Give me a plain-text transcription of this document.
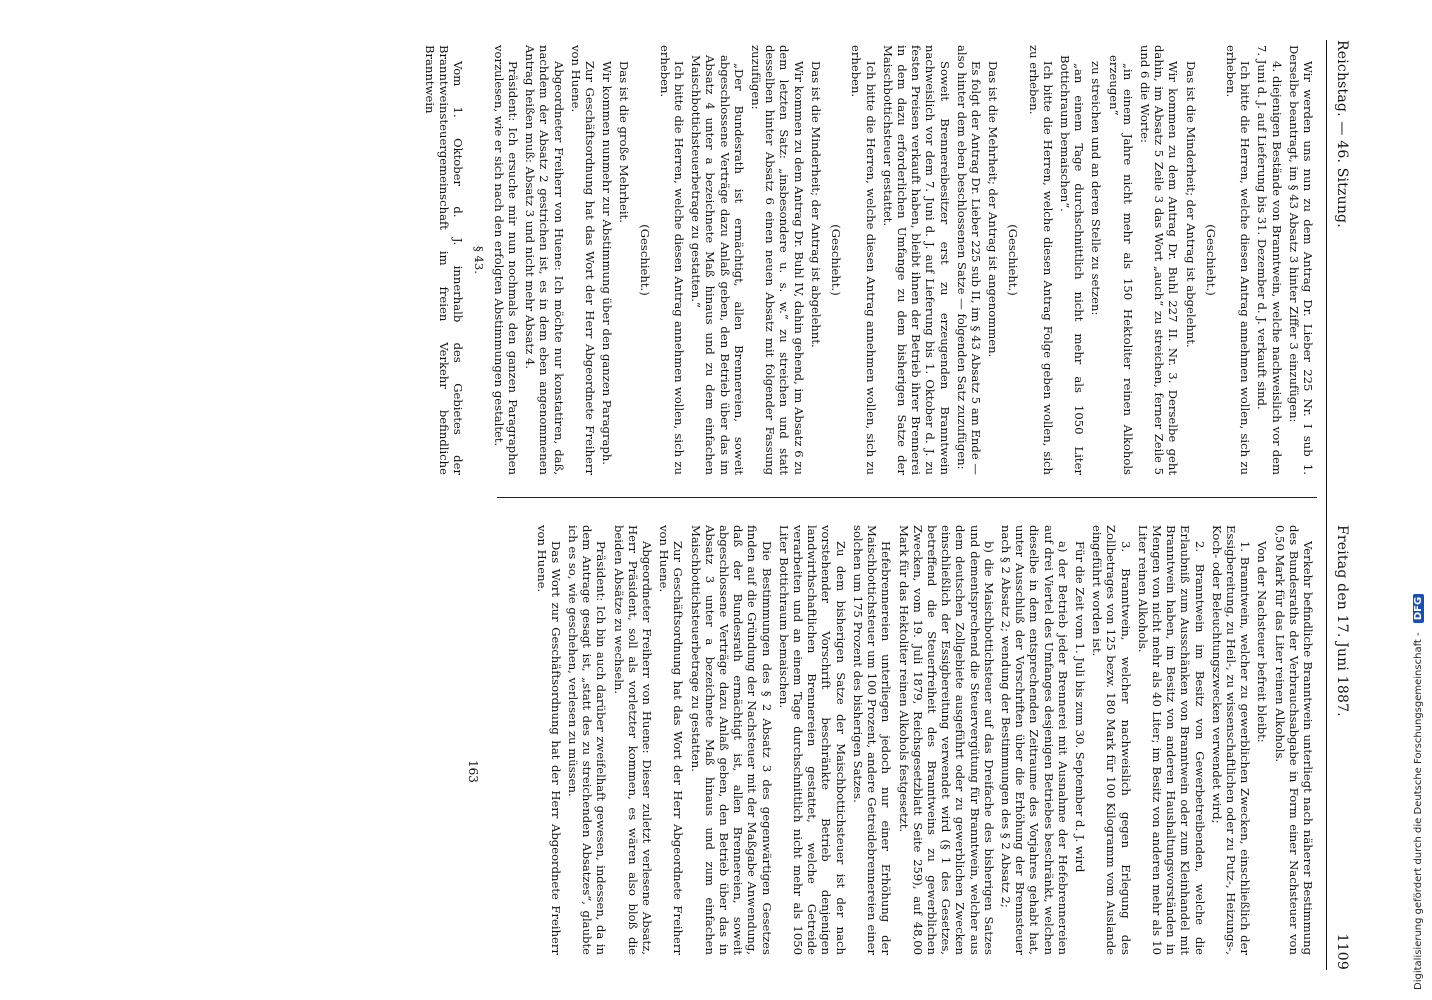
Reichstag. — 46. Sitzung.
Freitag den 17. Juni 1887.
1109

Wir werden uns nun zu dem Antrag Dr. Lieber 225 Nr. I sub 1. Derselbe beantragt, im § 43 Absatz 3 hinter Ziffer 3 einzufügen:

4. diejenigen Bestände von Branntwein, welche nachweislich vor dem 7. Juni d. J. auf Lieferung bis 31. Dezember d. J. verkauft sind.

Ich bitte die Herren, welche diesen Antrag annehmen wollen, sich zu erheben.

(Geschieht.)

Das ist die Minderheit; der Antrag ist abgelehnt.

Wir kommen zu dem Antrag Dr. Buhl 227 II. Nr. 3. Derselbe geht dahin, im Absatz 5 Zeile 3 das Wort „auch“ zu streichen, ferner Zeile 5 und 6 die Worte:

„in einem Jahre nicht mehr als 150 Hektoliter reinen Alkohols erzeugen“

zu streichen und an deren Stelle zu setzen:

„an einem Tage durchschnittlich nicht mehr als 1050 Liter Bottichraum bemaischen“.

Ich bitte die Herren, welche diesen Antrag Folge geben wollen, sich zu erheben.

(Geschieht.)

Das ist die Mehrheit; der Antrag ist angenommen.

Es folgt der Antrag Dr. Lieber 225 sub II, im § 43 Absatz 5 am Ende — also hinter dem eben beschlossenen Satze — folgenden Satz zuzufügen:

Soweit Brennereibesitzer erst zu erzeugenden Branntwein nachweislich vor dem 7. Juni d. J. auf Lieferung bis 1. Oktober d. J. zu festen Preisen verkauft haben, bleibt ihnen der Betrieb ihrer Brennerei in dem dazu erforderlichen Umfange zu dem bisherigen Satze der Maischbottichsteuer gestattet.

Ich bitte die Herren, welche diesen Antrag annehmen wollen, sich zu erheben.

(Geschieht.)

Das ist die Minderheit; der Antrag ist abgelehnt.

Wir kommen zu dem Antrag Dr. Buhl IV, dahin gehend, im Absatz 6 zu dem letzten Satz: „insbesondere u. s. w.“ zu streichen und statt desselben hinter Absatz 6 einen neuen Absatz mit folgender Fassung zuzufügen:

„Der Bundesrath ist ermächtigt, allen Brennereien, soweit abgeschlossene Verträge dazu Anlaß geben, den Betrieb über das im Absatz 4 unter a bezeichnete Maß hinaus und zu dem einfachen Maischbottichsteuerbetrage zu gestatten.“

Ich bitte die Herren, welche diesen Antrag annehmen wollen, sich zu erheben.

(Geschieht.)

Das ist die große Mehrheit.

Wir kommen nunmehr zur Abstimmung über den ganzen Paragraph.

Zur Geschäftsordnung hat das Wort der Herr Abgeordnete Freiherr von Huene.

Abgeordneter Freiherr von Huene: Ich möchte nur konstatiren, daß, nachdem der Absatz 2 gestrichen ist, es in dem eben angenommenen Antrag heißen muß: Absatz 3 und nicht mehr Absatz 4.

Präsident: Ich ersuche mir nun nochmals den ganzen Paragraphen vorzulesen, wie er sich nach den erfolgten Abstimmungen gestaltet.

§ 43.

Vom 1. Oktober d. J. innerhalb des Gebietes der Branntweinsteuergemeinschaft im freien Verkehr befindliche Branntwein

Verkehr befindliche Branntwein unterliegt nach näherer Bestimmung des Bundesraths der Verbrauchsabgabe in Form einer Nachsteuer von 0,50 Mark für das Liter reinen Alkohols.

Von der Nachsteuer befreit bleibt:

1. Branntwein, welcher zu gewerblichen Zwecken, einschließlich der Essigbereitung, zu Heil-, zu wissenschaftlichen oder zu Putz-, Heizungs-, Koch- oder Beleuchtungszwecken verwendet wird;

2. Branntwein im Besitz von Gewerbetreibenden, welche die Erlaubniß zum Ausschänken von Branntwein oder zum Kleinhandel mit Branntwein haben, im Besitz von anderen Haushaltungsvorständen in Mengen von nicht mehr als 40 Liter; im Besitz von anderen mehr als 10 Liter reinen Alkohols.

3. Branntwein, welcher nachweislich gegen Erlegung des Zollbetrages von 125 bezw. 180 Mark für 100 Kilogramm vom Auslande eingeführt worden ist.

Für die Zeit vom 1. Juli bis zum 30. September d. J. wird

a) der Betrieb jeder Brennerei mit Ausnahme der Hefebrennereien auf drei Viertel des Umfanges desjenigen Betriebes beschränkt, welchen dieselbe in dem entsprechenden Zeitraume des Vorjahres gehabt hat, unter Ausschluß der Vorschriften über die Erhöhung der Brennsteuer nach § 2 Absatz 2; wendung der Bestimmungen des § 2 Absatz 2;

b) die Maischbottichsteuer auf das Dreifache des bisherigen Satzes und dementsprechend die Steuervergütung für Branntwein, welcher aus dem deutschen Zollgebiete ausgeführt oder zu gewerblichen Zwecken einschließlich der Essigbereitung verwendet wird (§ 1 des Gesetzes, betreffend die Steuerfreiheit des Branntweins zu gewerblichen Zwecken, vom 19. Juli 1879, Reichsgesetzblatt Seite 259), auf 48,00 Mark für das Hektoliter reinen Alkohols festgesetzt.

Hefebrennereien unterliegen jedoch nur einer Erhöhung der Maischbottichsteuer um 100 Prozent, andere Getreidebrennereien einer solchen um 175 Prozent des bisherigen Satzes.

Zu dem bisherigen Satze der Maischbottichsteuer ist der nach vorstehender Vorschrift beschränkte Betrieb denjenigen landwirthschaftlichen Brennereien gestattet, welche Getreide verarbeiten und an einem Tage durchschnittlich nicht mehr als 1050 Liter Bottichraum bemaischen.

Die Bestimmungen des § 2 Absatz 3 des gegenwärtigen Gesetzes finden auf die Gründung der Nachsteuer mit der Maßgabe Anwendung, daß der Bundesrath ermächtigt ist, allen Brennereien, soweit abgeschlossene Verträge dazu Anlaß geben, den Betrieb über das in Absatz 3 unter a bezeichnete Maß hinaus und zum einfachen Maischbottichsteuerbetrage zu gestatten.

Zur Geschäftsordnung hat das Wort der Herr Abgeordnete Freiherr von Huene.

Abgeordneter Freiherr von Huene: Dieser zuletzt verlesene Absatz, Herr Präsident, soll als vorletzter kommen, es wären also bloß die beiden Absätze zu wechseln.

Präsident: Ich bin auch darüber zweifelhaft gewesen, indessen, da in dem Antrage gesagt ist, „statt des zu streichenden Absatzes“, glaubte ich es so, wie geschehen, verlesen zu müssen.

Das Wort zur Geschäftsordnung hat der Herr Abgeordnete Freiherr von Huene.

163	Digitalisierung gefördert durch die Deutsche Forschungsgemeinschaft - DFG
